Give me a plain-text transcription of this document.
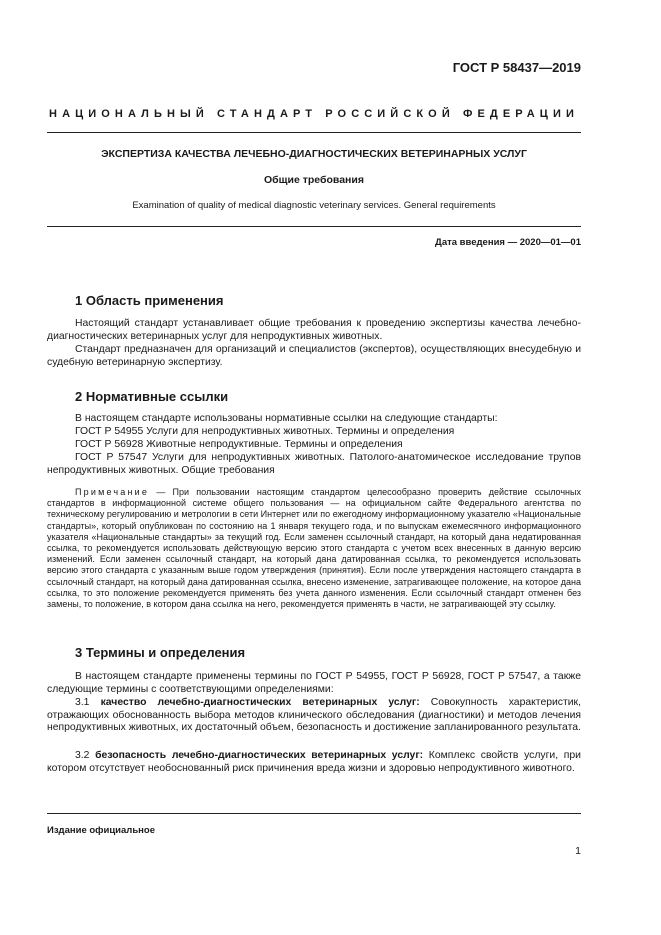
ГОСТ Р 58437—2019
НАЦИОНАЛЬНЫЙ СТАНДАРТ РОССИЙСКОЙ ФЕДЕРАЦИИ
ЭКСПЕРТИЗА КАЧЕСТВА ЛЕЧЕБНО-ДИАГНОСТИЧЕСКИХ ВЕТЕРИНАРНЫХ УСЛУГ
Общие требования
Examination of quality of medical diagnostic veterinary services. General requirements
Дата введения — 2020—01—01
1 Область применения

Настоящий стандарт устанавливает общие требования к проведению экспертизы качества лечебно-диагностических ветеринарных услуг для непродуктивных животных.

Стандарт предназначен для организаций и специалистов (экспертов), осуществляющих внесудебную и судебную ветеринарную экспертизу.

2 Нормативные ссылки

В настоящем стандарте использованы нормативные ссылки на следующие стандарты:

ГОСТ Р 54955 Услуги для непродуктивных животных. Термины и определения

ГОСТ Р 56928 Животные непродуктивные. Термины и определения

ГОСТ Р 57547 Услуги для непродуктивных животных. Патолого-анатомическое исследование трупов непродуктивных животных. Общие требования

Примечание — При пользовании настоящим стандартом целесообразно проверить действие ссылочных стандартов в информационной системе общего пользования — на официальном сайте Федерального агентства по техническому регулированию и метрологии в сети Интернет или по ежегодному информационному указателю «Национальные стандарты», который опубликован по состоянию на 1 января текущего года, и по выпускам ежемесячного информационного указателя «Национальные стандарты» за текущий год. Если заменен ссылочный стандарт, на который дана недатированная ссылка, то рекомендуется использовать действующую версию этого стандарта с учетом всех внесенных в данную версию изменений. Если заменен ссылочный стандарт, на который дана датированная ссылка, то рекомендуется использовать версию этого стандарта с указанным выше годом утверждения (принятия). Если после утверждения настоящего стандарта в ссылочный стандарт, на который дана датированная ссылка, внесено изменение, затрагивающее положение, на которое дана ссылка, то это положение рекомендуется применять без учета данного изменения. Если ссылочный стандарт отменен без замены, то положение, в котором дана ссылка на него, рекомендуется применять в части, не затрагивающей эту ссылку.

3 Термины и определения

В настоящем стандарте применены термины по ГОСТ Р 54955, ГОСТ Р 56928, ГОСТ Р 57547, а также следующие термины с соответствующими определениями:

3.1 качество лечебно-диагностических ветеринарных услуг: Совокупность характеристик, отражающих обоснованность выбора методов клинического обследования (диагностики) и методов лечения непродуктивных животных, их достаточный объем, безопасность и достижение запланированного результата.

3.2 безопасность лечебно-диагностических ветеринарных услуг: Комплекс свойств услуги, при котором отсутствует необоснованный риск причинения вреда жизни и здоровью непродуктивного животного.

Издание официальное
1
